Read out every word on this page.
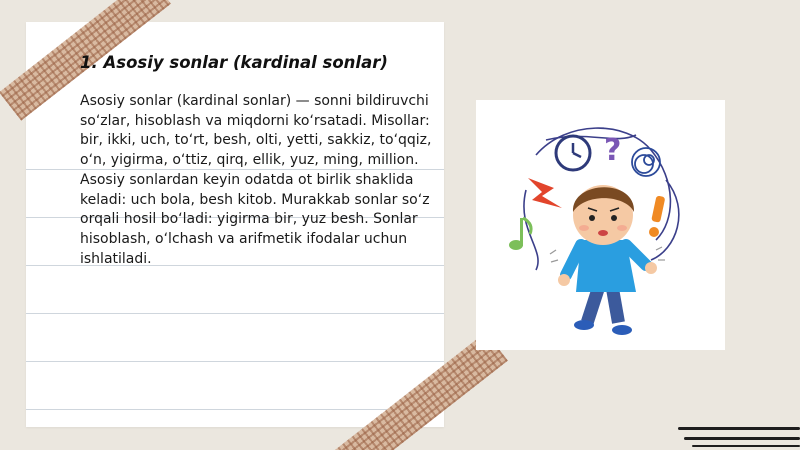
1. Asosiy sonlar (kardinal sonlar)

Asosiy sonlar (kardinal sonlar) — sonni bildiruvchi so‘zlar, hisoblash va miqdorni ko‘rsatadi. Misollar: bir, ikki, uch, to‘rt, besh, olti, yetti, sakkiz, to‘qqiz, o‘n, yigirma, o‘ttiz, qirq, ellik, yuz, ming, million. Asosiy sonlardan keyin odatda ot birlik shaklida keladi: uch bola, besh kitob. Murakkab sonlar so‘z orqali hosil bo‘ladi: yigirma bir, yuz besh. Sonlar hisoblash, o‘lchash va arifmetik ifodalar uchun ishlatiladi.

?
